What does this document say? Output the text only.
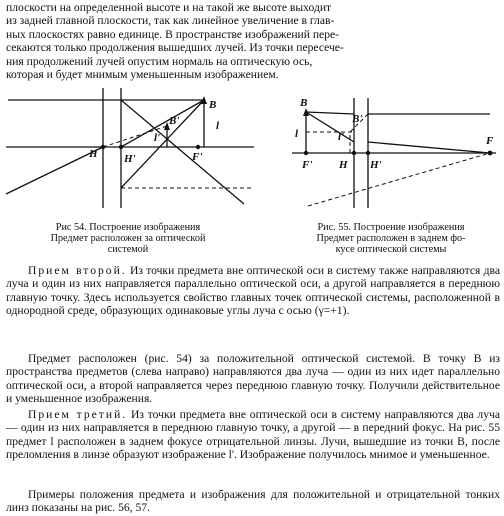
плоскости на определенной высоте и на такой же высоте выходит
из задней главной плоскости, так как линейное увеличение в глав-
ных плоскостях равно единице. В пространстве изображений пере-
секаются только продолжения вышедших лучей. Из точки пересече-
ния продолжений лучей опустим нормаль на оптическую ось,
которая и будет мнимым уменьшенным изображением.
H H'	F'
B
B'	l
l'
B
B'
l	l'	F
F' H H'
Рис 54. Построение изображения
Предмет расположен за оптической
системой
Рис. 55. Построение изображения
Предмет расположен в заднем фо-
кусе оптической системы

Прием второй. Из точки предмета вне оптической оси в систему также направляются два луча и один из них направляется параллельно оптической оси, а другой направляется в переднюю главную точку. Здесь используется свойство главных точек оптической системы, расположенной в однородной среде, образующих одинаковые углы луча с осью (γ=+1).

Предмет расположен (рис. 54) за положительной оптической системой. В точку B из пространства предметов (слева направо) направляются два луча — один из них идет параллельно оптической оси, а второй направляется через переднюю главную точку. Получили действительное и уменьшенное изображения.

Прием третий. Из точки предмета вне оптической оси в систему направляются два луча — один из них направляется в переднюю главную точку, а другой — в передний фокус. На рис. 55 предмет l расположен в заднем фокусе отрицательной линзы. Лучи, вышедшие из точки B, после преломления в линзе образуют изображение l'. Изображение получилось мнимое и уменьшенное.

Примеры положения предмета и изображения для положительной и отрицательной тонких линз показаны на рис. 56, 57.
